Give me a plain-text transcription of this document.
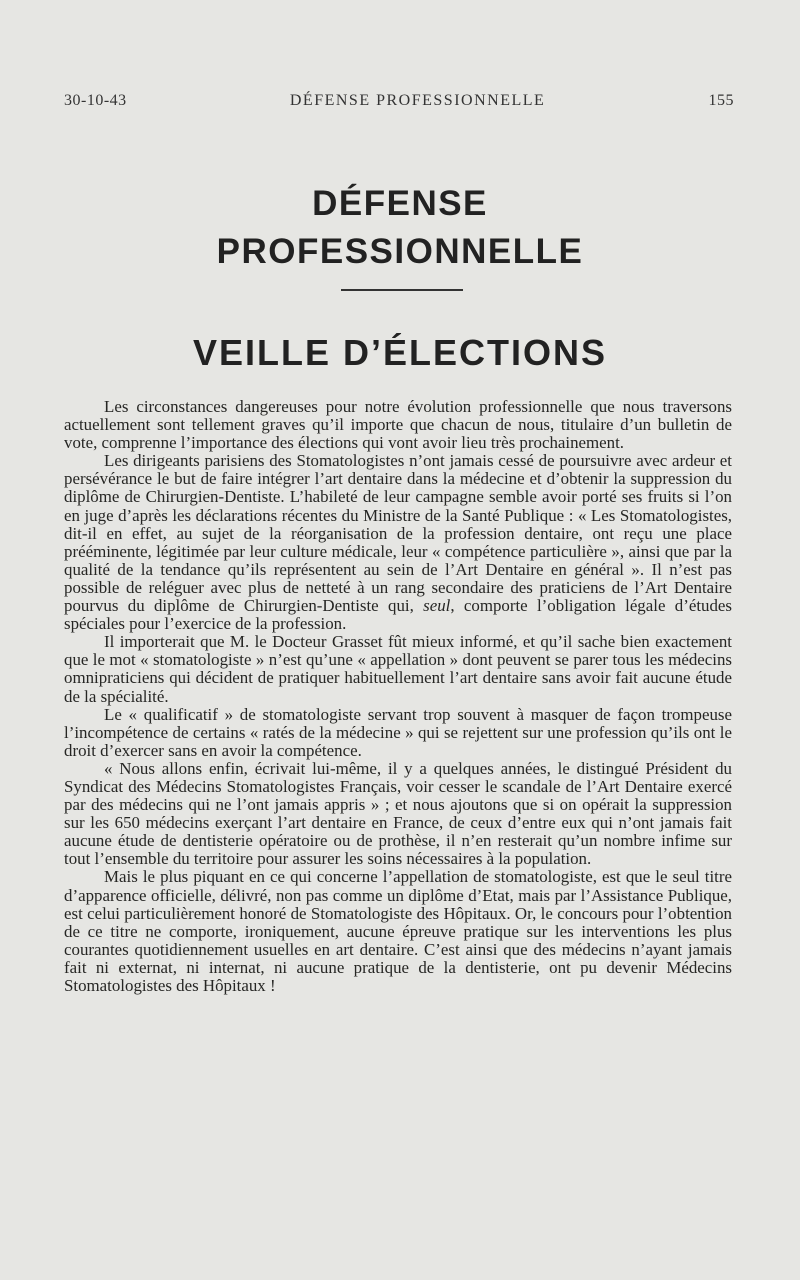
30-10-43	DÉFENSE PROFESSIONNELLE	155
DÉFENSE
PROFESSIONNELLE
VEILLE D’ÉLECTIONS

Les circonstances dangereuses pour notre évolution professionnelle que nous traversons actuellement sont tellement graves qu’il importe que chacun de nous, titulaire d’un bulletin de vote, comprenne l’importance des élections qui vont avoir lieu très prochainement.

Les dirigeants parisiens des Stomatologistes n’ont jamais cessé de poursuivre avec ardeur et persévérance le but de faire intégrer l’art dentaire dans la médecine et d’obtenir la suppression du diplôme de Chirurgien-Dentiste. L’habileté de leur campagne semble avoir porté ses fruits si l’on en juge d’après les déclarations récentes du Ministre de la Santé Publique : « Les Stomatologistes, dit-il en effet, au sujet de la réorganisation de la profession dentaire, ont reçu une place prééminente, légitimée par leur culture médicale, leur « compétence particulière », ainsi que par la qualité de la tendance qu’ils représentent au sein de l’Art Dentaire en général ». Il n’est pas possible de reléguer avec plus de netteté à un rang secondaire des praticiens de l’Art Dentaire pourvus du diplôme de Chirurgien-Dentiste qui, seul, comporte l’obligation légale d’études spéciales pour l’exercice de la profession.

Il importerait que M. le Docteur Grasset fût mieux informé, et qu’il sache bien exactement que le mot « stomatologiste » n’est qu’une « appellation » dont peuvent se parer tous les médecins omnipraticiens qui décident de pratiquer habituellement l’art dentaire sans avoir fait aucune étude de la spécialité.

Le « qualificatif » de stomatologiste servant trop souvent à masquer de façon trompeuse l’incompétence de certains « ratés de la médecine » qui se rejettent sur une profession qu’ils ont le droit d’exercer sans en avoir la compétence.

« Nous allons enfin, écrivait lui-même, il y a quelques années, le distingué Président du Syndicat des Médecins Stomatologistes Français, voir cesser le scandale de l’Art Dentaire exercé par des médecins qui ne l’ont jamais appris » ; et nous ajoutons que si on opérait la suppression sur les 650 médecins exerçant l’art dentaire en France, de ceux d’entre eux qui n’ont jamais fait aucune étude de dentisterie opératoire ou de prothèse, il n’en resterait qu’un nombre infime sur tout l’ensemble du territoire pour assurer les soins nécessaires à la population.

Mais le plus piquant en ce qui concerne l’appellation de stomatologiste, est que le seul titre d’apparence officielle, délivré, non pas comme un diplôme d’Etat, mais par l’Assistance Publique, est celui particulièrement honoré de Stomatologiste des Hôpitaux. Or, le concours pour l’obtention de ce titre ne comporte, ironiquement, aucune épreuve pratique sur les interventions les plus courantes quotidiennement usuelles en art dentaire. C’est ainsi que des médecins n’ayant jamais fait ni externat, ni internat, ni aucune pratique de la dentisterie, ont pu devenir Médecins Stomatologistes des Hôpitaux !
